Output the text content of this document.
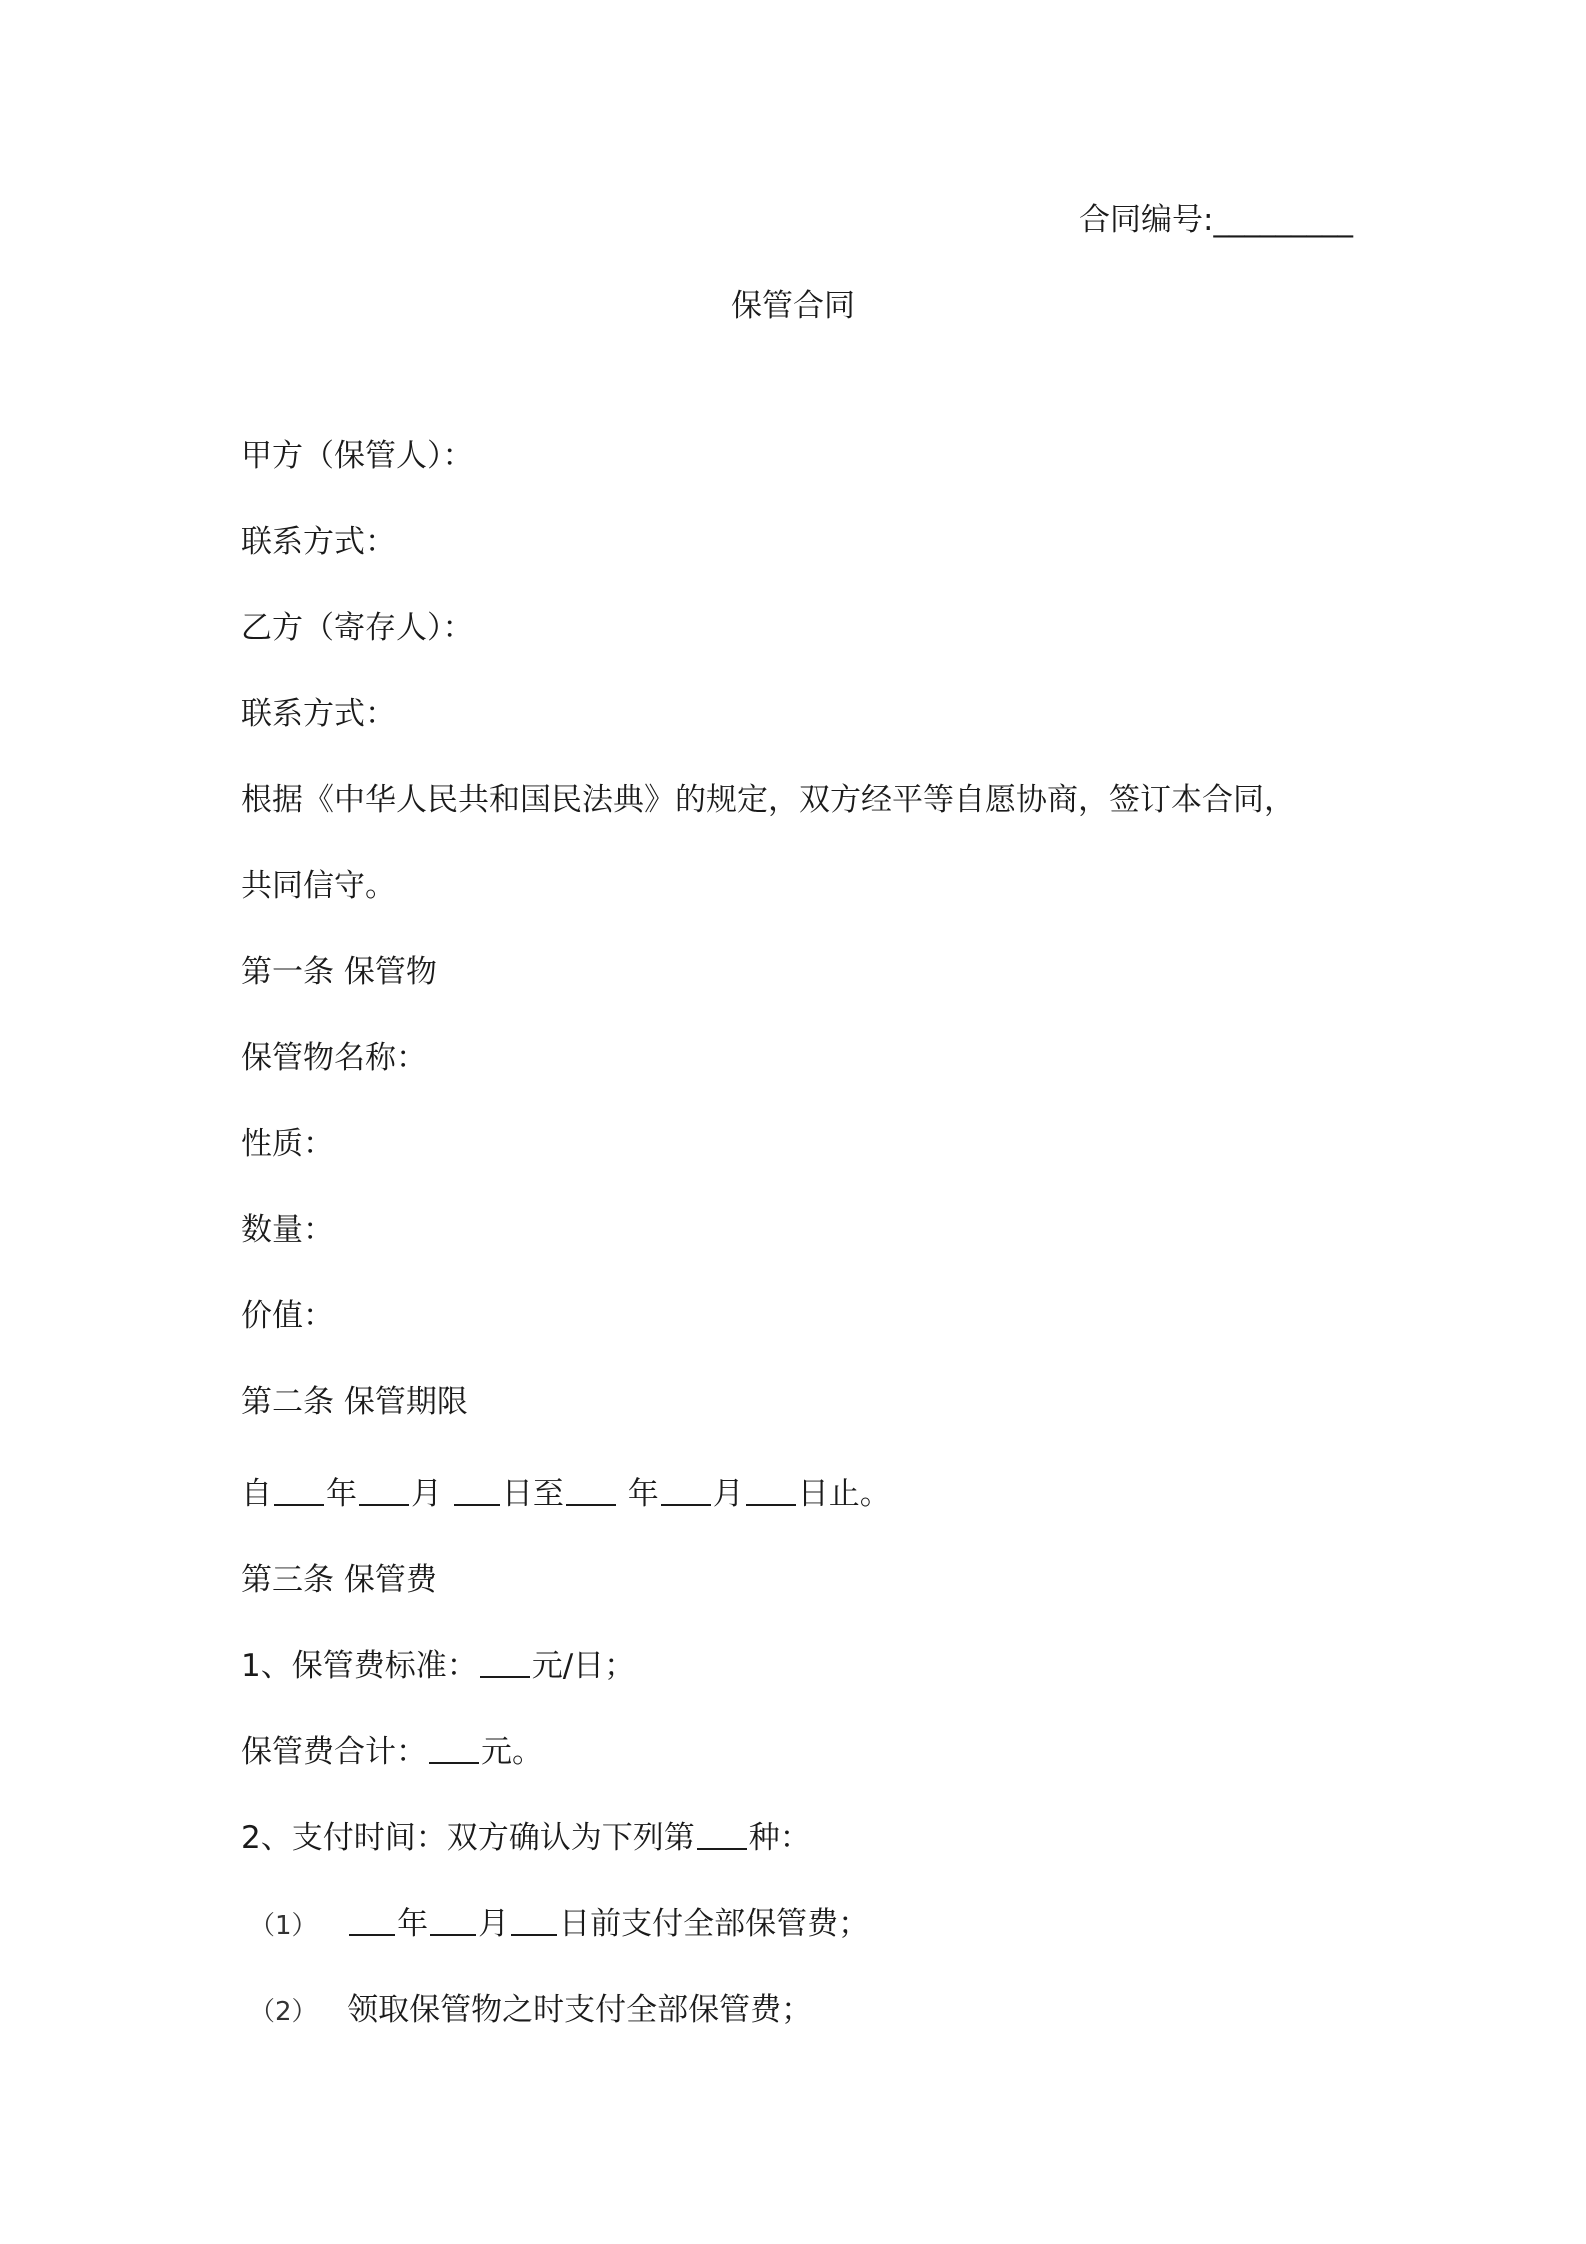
合同编号:_________
保管合同
甲方（保管人）：
联系方式：
乙方（寄存人）：
联系方式：
根据《中华人民共和国民法典》的规定，双方经平等自愿协商，签订本合同，
共同信守。
第一条 保管物
保管物名称：
性质：
数量：
价值：
第二条 保管期限
自 年 月 日至 年 月 日止。
第三条 保管费
1、保管费标准： 元/日；
保管费合计： 元。
2、支付时间：双方确认为下列第 种：
（1）	年 月 日前支付全部保管费；
（2） 领取保管物之时支付全部保管费；
